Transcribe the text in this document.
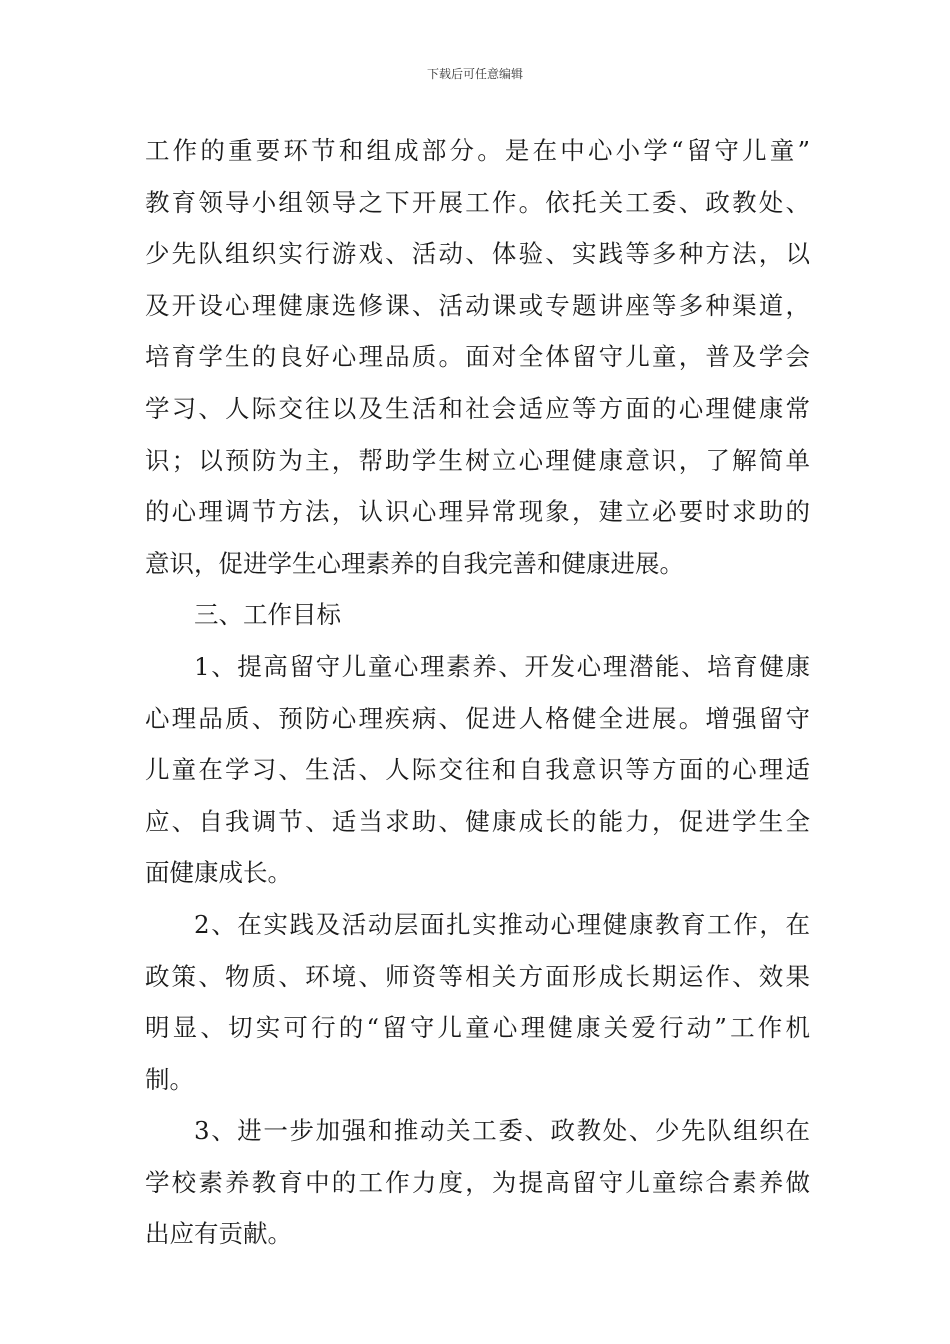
下载后可任意编辑
工作的重要环节和组成部分。是在中心小学“留守儿童”
教育领导小组领导之下开展工作。依托关工委、政教处、
少先队组织实行游戏、活动、体验、实践等多种方法，以
及开设心理健康选修课、活动课或专题讲座等多种渠道，
培育学生的良好心理品质。面对全体留守儿童，普及学会
学习、人际交往以及生活和社会适应等方面的心理健康常
识；以预防为主，帮助学生树立心理健康意识，了解简单
的心理调节方法，认识心理异常现象，建立必要时求助的
意识，促进学生心理素养的自我完善和健康进展。
三、工作目标
1、提高留守儿童心理素养、开发心理潜能、培育健康
心理品质、预防心理疾病、促进人格健全进展。增强留守
儿童在学习、生活、人际交往和自我意识等方面的心理适
应、自我调节、适当求助、健康成长的能力，促进学生全
面健康成长。
2、在实践及活动层面扎实推动心理健康教育工作，在
政策、物质、环境、师资等相关方面形成长期运作、效果
明显、切实可行的“留守儿童心理健康关爱行动”工作机
制。
3、进一步加强和推动关工委、政教处、少先队组织在
学校素养教育中的工作力度，为提高留守儿童综合素养做
出应有贡献。
